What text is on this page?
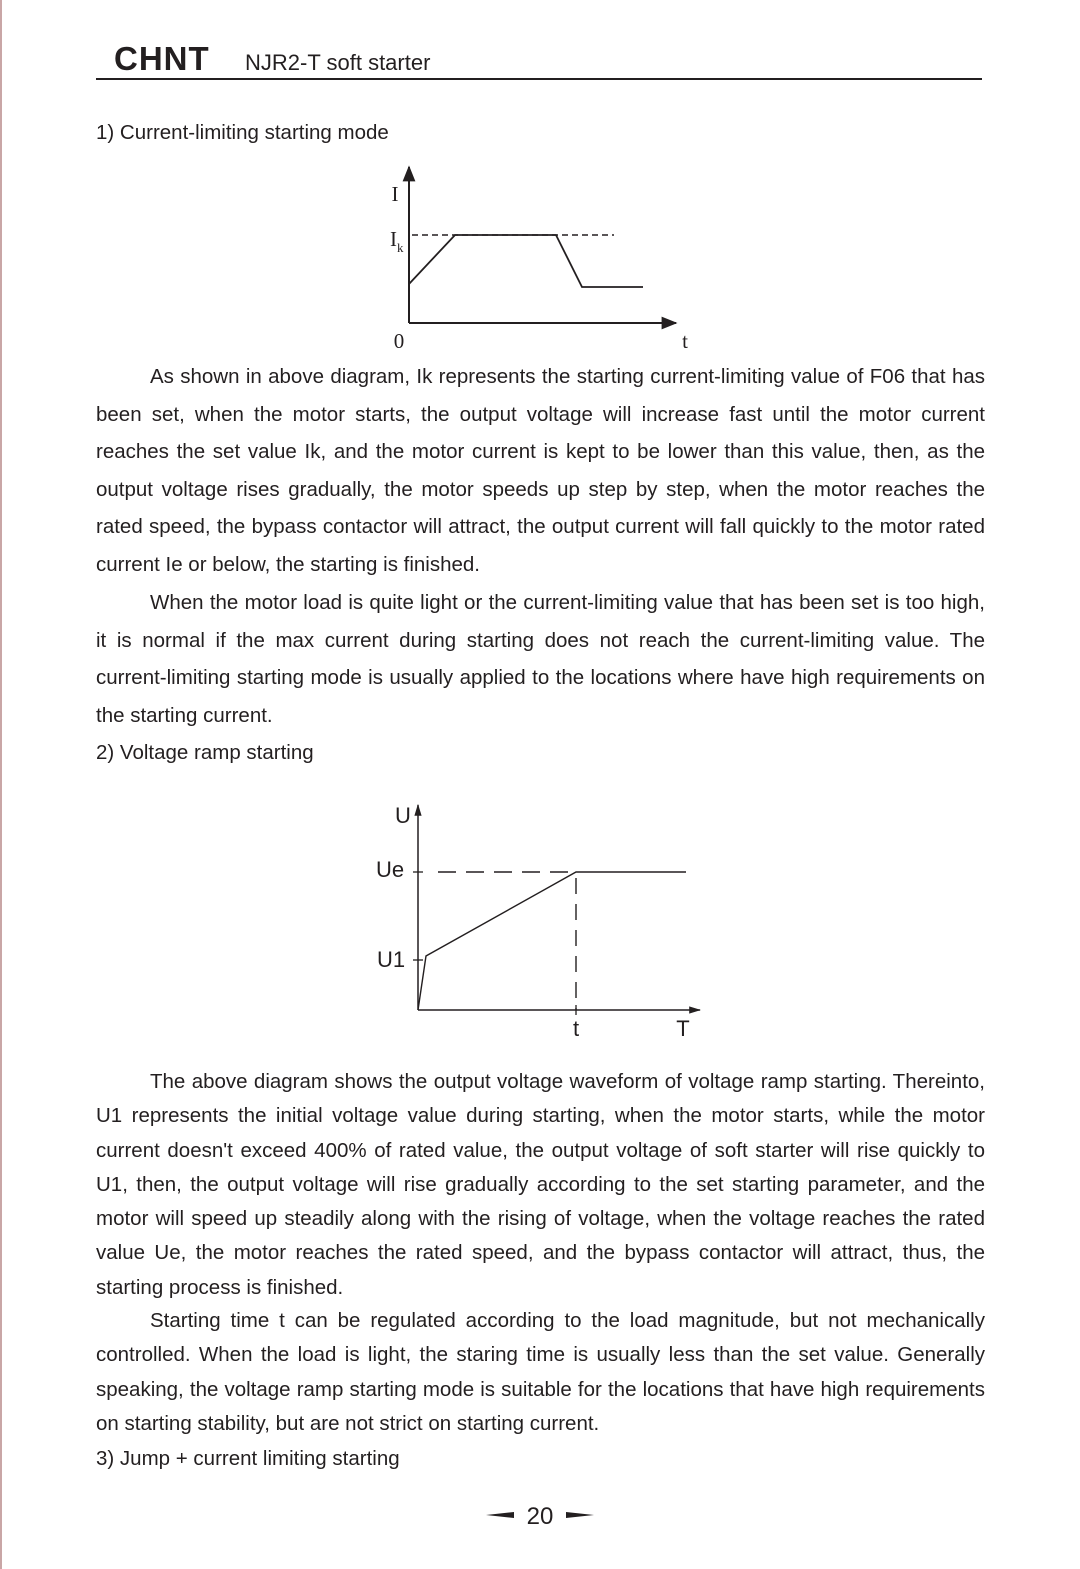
CHNT NJR2-T soft starter
1) Current-limiting starting mode
I
$I_k$
0	t

As shown in above diagram, Ik represents the starting current-limiting value of F06 that has been set, when the motor starts, the output voltage will increase fast until the motor current reaches the set value Ik, and the motor current is kept to be lower than this value, then, as the output voltage rises gradually, the motor speeds up step by step, when the motor reaches the rated speed, the bypass contactor will attract, the output current will fall quickly to the motor rated current Ie or below, the starting is finished.

When the motor load is quite light or the current-limiting value that has been set is too high, it is normal if the max current during starting does not reach the current-limiting value. The current-limiting starting mode is usually applied to the locations where have high requirements on the starting current.

2) Voltage ramp starting
U
Ue
U1
t	T

The above diagram shows the output voltage waveform of voltage ramp starting. Thereinto, U1 represents the initial voltage value during starting, when the motor starts, while the motor current doesn't exceed 400% of rated value, the output voltage of soft starter will rise quickly to U1, then, the output voltage will rise gradually according to the set starting parameter, and the motor will speed up steadily along with the rising of voltage, when the voltage reaches the rated value Ue, the motor reaches the rated speed, and the bypass contactor will attract, thus, the starting process is finished.

Starting time t can be regulated according to the load magnitude, but not mechanically controlled. When the load is light, the staring time is usually less than the set value. Generally speaking, the voltage ramp starting mode is suitable for the locations that have high requirements on starting stability, but are not strict on starting current.

3) Jump + current limiting starting
20
